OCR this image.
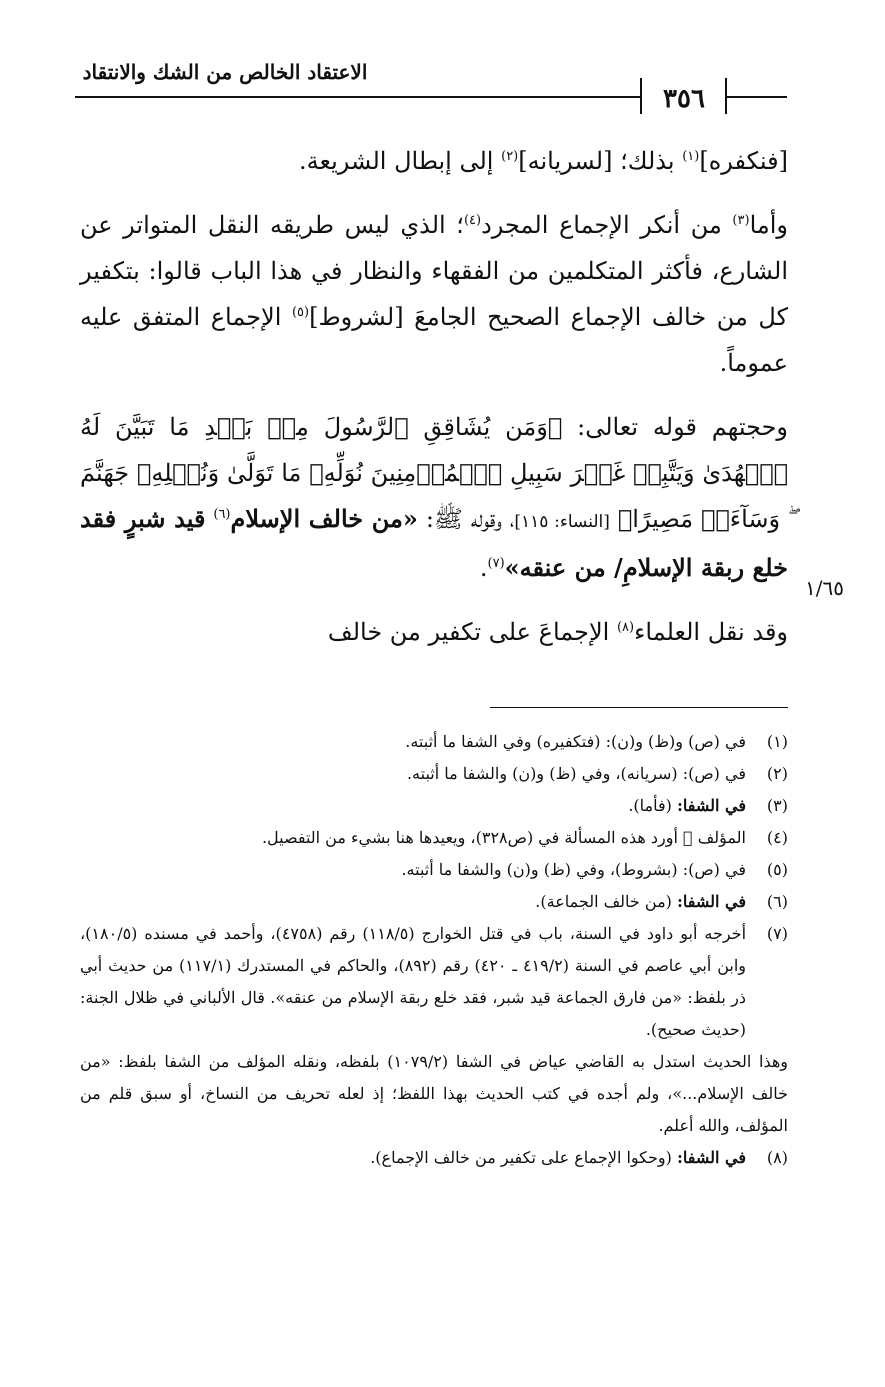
الاعتقاد الخالص من الشك والانتقاد
٣٥٦

[فنكفره]$^{(١)}$ بذلك؛ [لسريانه]$^{(٢)}$ إلى إبطال الشريعة.

وأما$^{(٣)}$ من أنكر الإجماع المجرد$^{(٤)}$؛ الذي ليس طريقه النقل المتواتر عن الشارع، فأكثر المتكلمين من الفقهاء والنظار في هذا الباب قالوا: بتكفير كل من خالف الإجماع الصحيح الجامعَ [لشروط]$^{(٥)}$ الإجماع المتفق عليه عموماً.

وحجتهم قوله تعالى: ﴿وَمَن يُشَاقِقِ ٱلرَّسُولَ مِنۢ بَعۡدِ مَا تَبَيَّنَ لَهُ ٱلۡهُدَىٰ وَيَتَّبِعۡ غَيۡرَ سَبِيلِ ٱلۡمُؤۡمِنِينَ نُوَلِّهِۦ مَا تَوَلَّىٰ وَنُصۡلِهِۦ جَهَنَّمَ ۖ وَسَآءَتۡ مَصِيرًا﴾ [النساء: ١١٥]، وقوله ﷺ: «من خالف الإسلام$^{(٦)}$ قيد شبرٍ فقد خلع ربقة الإسلامِ/ من عنقه»$^{(٧)}$.

وقد نقل العلماء$^{(٨)}$ الإجماعَ على تكفير من خالف

١/٦٥
(١)
في (ص) و(ظ) و(ن): (فتكفيره) وفي الشفا ما أثبته.
(٢)
في (ص): (سريانه)، وفي (ظ) و(ن) والشفا ما أثبته.
(٣)
في الشفا: (فأما).
(٤)
المؤلف ﷫ أورد هذه المسألة في (ص٣٢٨)، ويعيدها هنا بشيء من التفصيل.
(٥)
في (ص): (بشروط)، وفي (ظ) و(ن) والشفا ما أثبته.
(٦)
في الشفا: (من خالف الجماعة).
(٧)
أخرجه أبو داود في السنة، باب في قتل الخوارج (١١٨/٥) رقم (٤٧٥٨)، وأحمد في مسنده (١٨٠/٥)، وابن أبي عاصم في السنة (٤١٩/٢ ـ ٤٢٠) رقم (٨٩٢)، والحاكم في المستدرك (١١٧/١) من حديث أبي ذر بلفظ: «من فارق الجماعة قيد شبر، فقد خلع ربقة الإسلام من عنقه». قال الألباني في ظلال الجنة:(حديث صحيح).
وهذا الحديث استدل به القاضي عياض في الشفا (١٠٧٩/٢) بلفظه، ونقله المؤلف من الشفا بلفظ: «من خالف الإسلام...»، ولم أجده في كتب الحديث بهذا اللفظ؛ إذ لعله تحريف من النساخ، أو سبق قلم من المؤلف، والله أعلم.
(٨)
في الشفا: (وحكوا الإجماع على تكفير من خالف الإجماع).
